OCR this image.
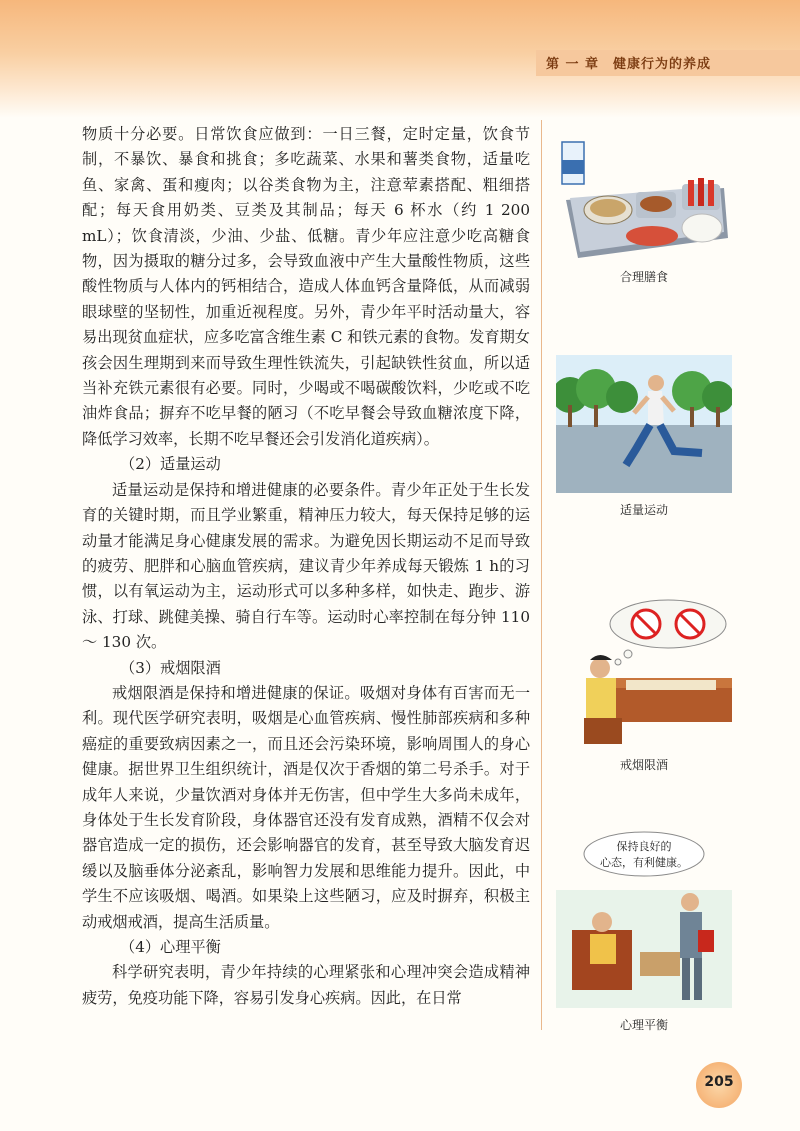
第 一 章　健康行为的养成

物质十分必要。日常饮食应做到：一日三餐，定时定量，饮食节制，不暴饮、暴食和挑食；多吃蔬菜、水果和薯类食物，适量吃鱼、家禽、蛋和瘦肉；以谷类食物为主，注意荤素搭配、粗细搭配；每天食用奶类、豆类及其制品；每天 6 杯水（约 1 200 mL）；饮食清淡，少油、少盐、低糖。青少年应注意少吃高糖食物，因为摄取的糖分过多，会导致血液中产生大量酸性物质，这些酸性物质与人体内的钙相结合，造成人体血钙含量降低，从而减弱眼球壁的坚韧性，加重近视程度。另外，青少年平时活动量大，容易出现贫血症状，应多吃富含维生素 C 和铁元素的食物。发育期女孩会因生理期到来而导致生理性铁流失，引起缺铁性贫血，所以适当补充铁元素很有必要。同时，少喝或不喝碳酸饮料，少吃或不吃油炸食品；摒弃不吃早餐的陋习（不吃早餐会导致血糖浓度下降，降低学习效率，长期不吃早餐还会引发消化道疾病）。

（2）适量运动

适量运动是保持和增进健康的必要条件。青少年正处于生长发育的关键时期，而且学业繁重，精神压力较大，每天保持足够的运动量才能满足身心健康发展的需求。为避免因长期运动不足而导致的疲劳、肥胖和心脑血管疾病，建议青少年养成每天锻炼 1 h的习惯，以有氧运动为主，运动形式可以多种多样，如快走、跑步、游泳、打球、跳健美操、骑自行车等。运动时心率控制在每分钟 110 ～ 130 次。

（3）戒烟限酒

戒烟限酒是保持和增进健康的保证。吸烟对身体有百害而无一利。现代医学研究表明，吸烟是心血管疾病、慢性肺部疾病和多种癌症的重要致病因素之一，而且还会污染环境，影响周围人的身心健康。据世界卫生组织统计，酒是仅次于香烟的第二号杀手。对于成年人来说，少量饮酒对身体并无伤害，但中学生大多尚未成年，身体处于生长发育阶段，身体器官还没有发育成熟，酒精不仅会对器官造成一定的损伤，还会影响器官的发育，甚至导致大脑发育迟缓以及脑垂体分泌紊乱，影响智力发展和思维能力提升。因此，中学生不应该吸烟、喝酒。如果染上这些陋习，应及时摒弃，积极主动戒烟戒酒，提高生活质量。

（4）心理平衡

科学研究表明，青少年持续的心理紧张和心理冲突会造成精神疲劳，免疫功能下降，容易引发身心疾病。因此，在日常

合理膳食
适量运动
戒烟限酒
保持良好的
心态，有利健康。
心理平衡
205
